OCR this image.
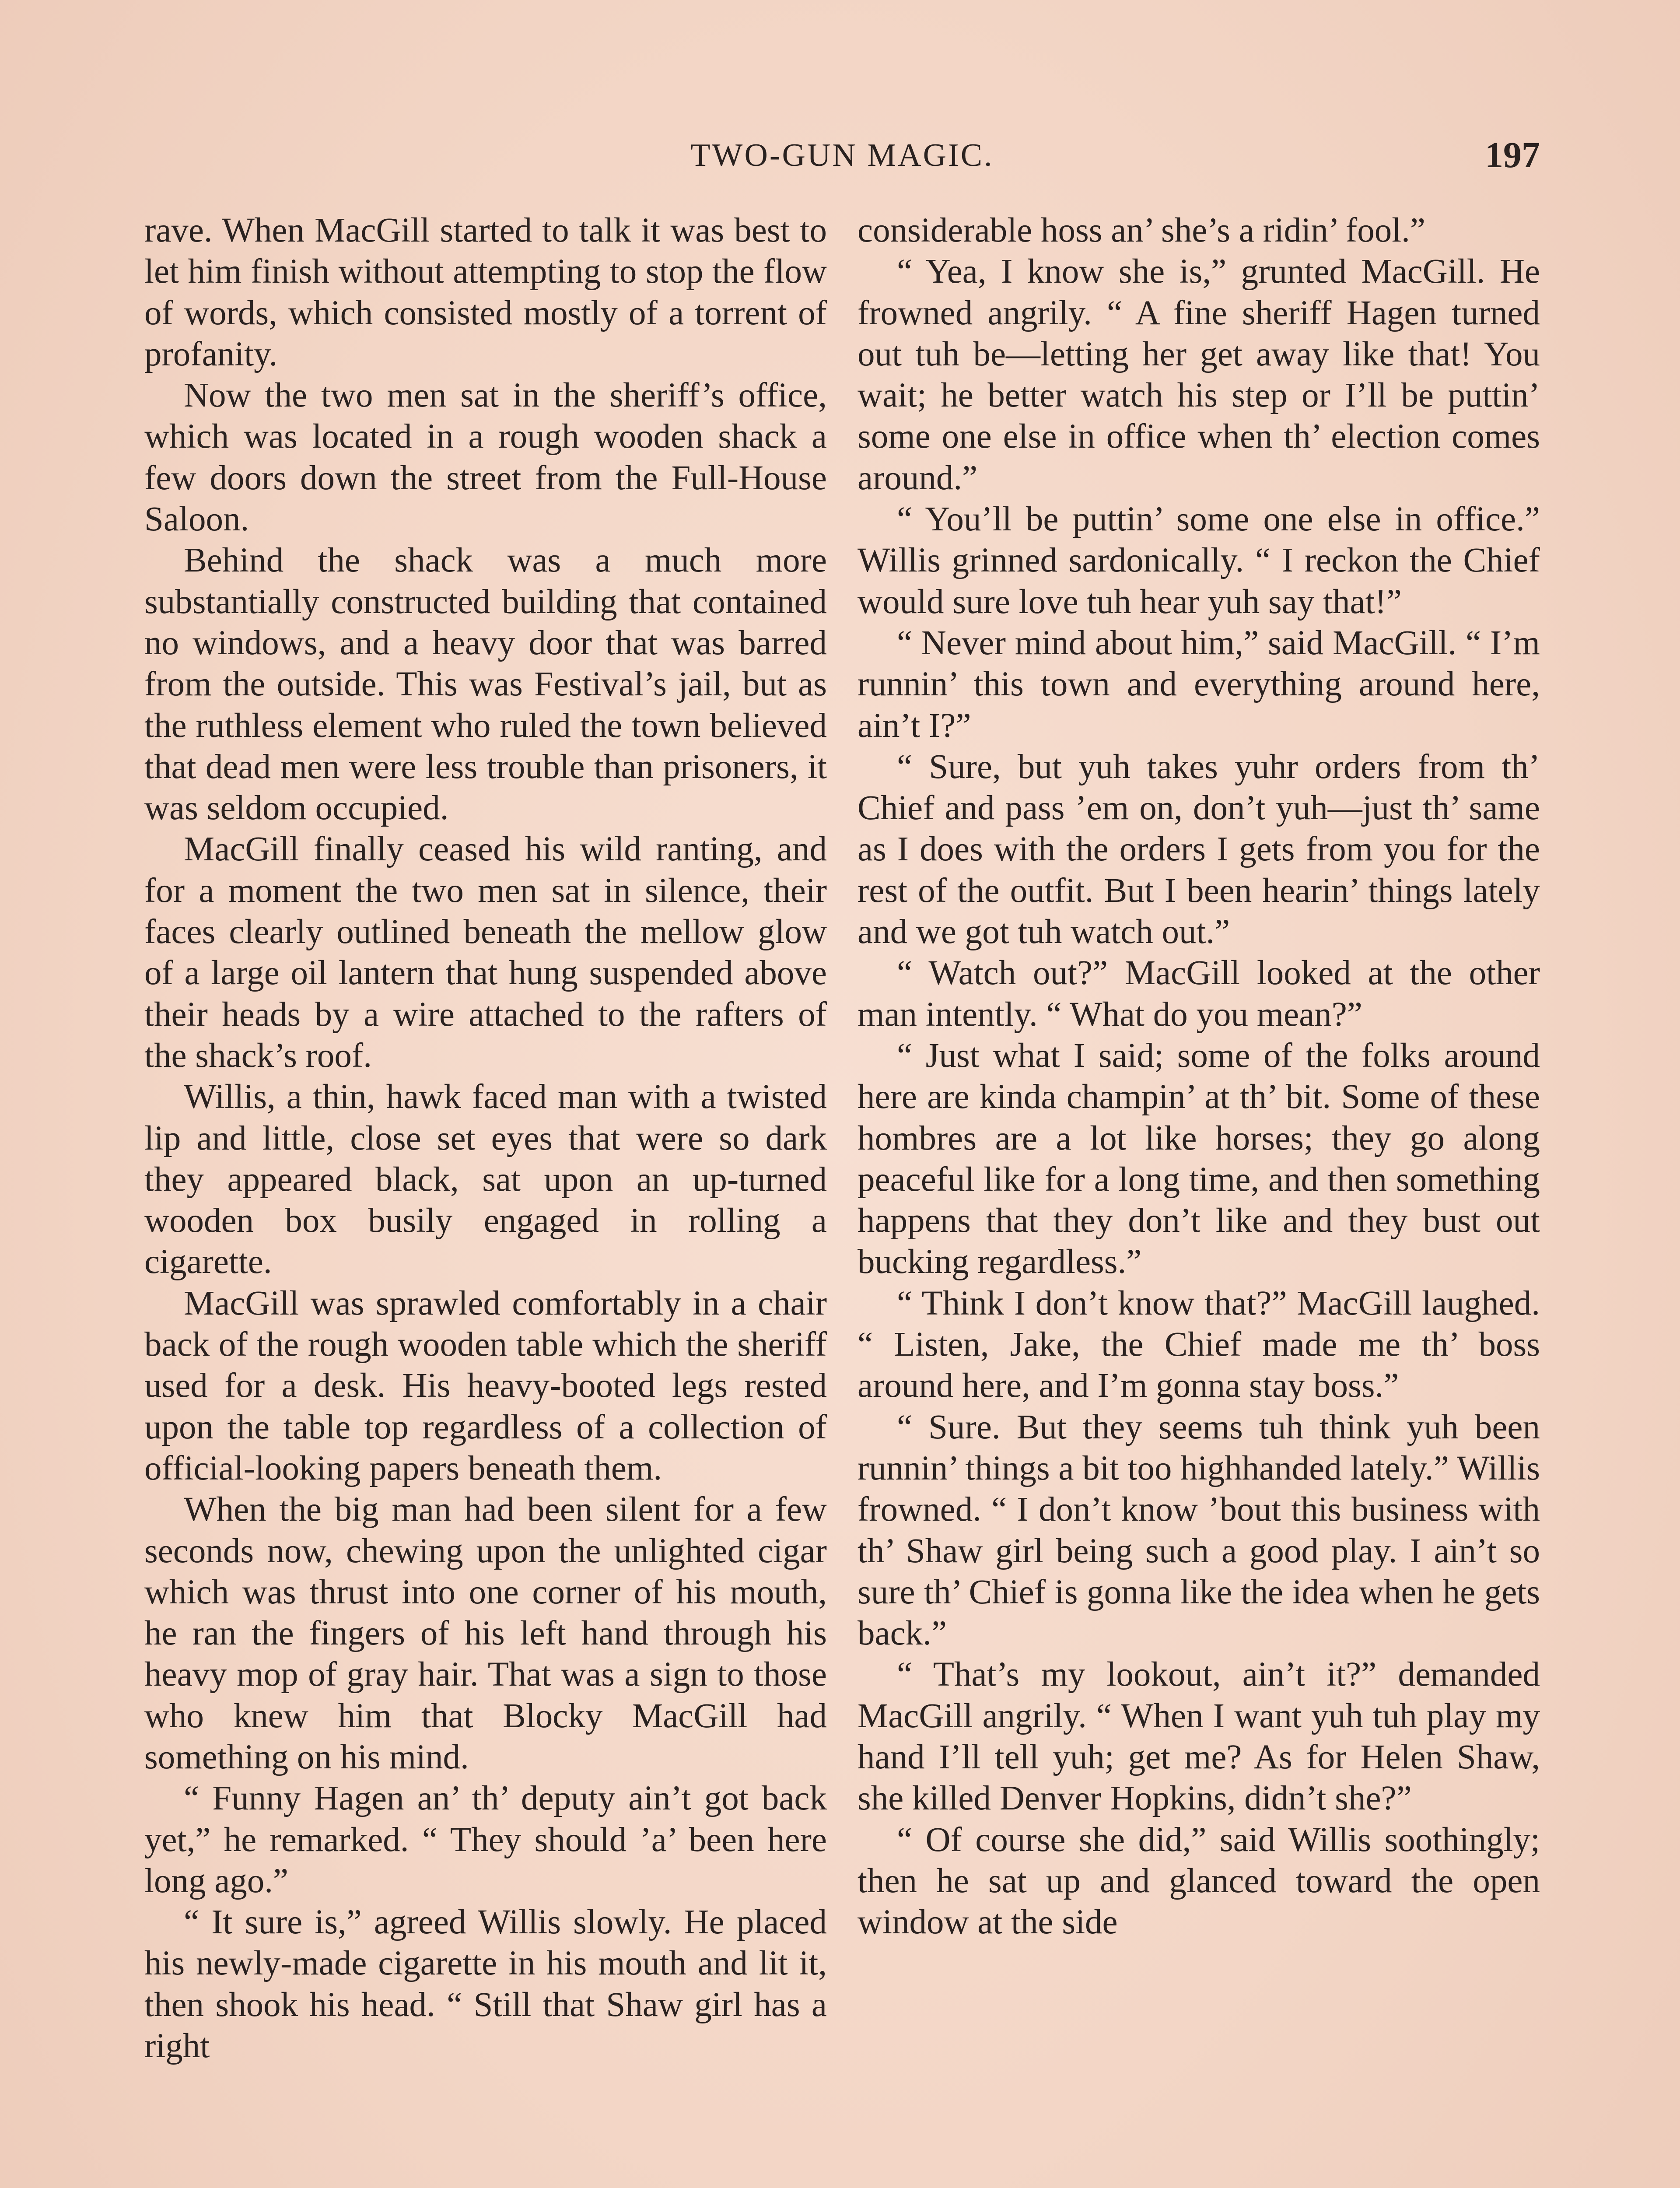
TWO-GUN MAGIC.	197

rave. When MacGill started to talk it was best to let him finish without attempting to stop the flow of words, which consisted mostly of a torrent of profanity.

Now the two men sat in the sheriff’s office, which was located in a rough wooden shack a few doors down the street from the Full-House Saloon.

Behind the shack was a much more substantially constructed building that contained no windows, and a heavy door that was barred from the outside. This was Festival’s jail, but as the ruthless element who ruled the town believed that dead men were less trouble than prisoners, it was seldom occupied.

MacGill finally ceased his wild ranting, and for a moment the two men sat in silence, their faces clearly outlined beneath the mellow glow of a large oil lantern that hung suspended above their heads by a wire attached to the rafters of the shack’s roof.

Willis, a thin, hawk faced man with a twisted lip and little, close set eyes that were so dark they appeared black, sat upon an up-turned wooden box busily engaged in rolling a cigarette.

MacGill was sprawled comfortably in a chair back of the rough wooden table which the sheriff used for a desk. His heavy-booted legs rested upon the table top regardless of a collection of official-looking papers beneath them.

When the big man had been silent for a few seconds now, chewing upon the unlighted cigar which was thrust into one corner of his mouth, he ran the fingers of his left hand through his heavy mop of gray hair. That was a sign to those who knew him that Blocky MacGill had something on his mind.

“ Funny Hagen an’ th’ deputy ain’t got back yet,” he remarked. “ They should ’a’ been here long ago.”

“ It sure is,” agreed Willis slowly. He placed his newly-made cigarette in his mouth and lit it, then shook his head. “ Still that Shaw girl has a right

considerable hoss an’ she’s a ridin’ fool.”

“ Yea, I know she is,” grunted MacGill. He frowned angrily. “ A fine sheriff Hagen turned out tuh be—letting her get away like that! You wait; he better watch his step or I’ll be puttin’ some one else in office when th’ election comes around.”

“ You’ll be puttin’ some one else in office.” Willis grinned sardonically. “ I reckon the Chief would sure love tuh hear yuh say that!”

“ Never mind about him,” said MacGill. “ I’m runnin’ this town and everything around here, ain’t I?”

“ Sure, but yuh takes yuhr orders from th’ Chief and pass ’em on, don’t yuh—just th’ same as I does with the orders I gets from you for the rest of the outfit. But I been hearin’ things lately and we got tuh watch out.”

“ Watch out?” MacGill looked at the other man intently. “ What do you mean?”

“ Just what I said; some of the folks around here are kinda champin’ at th’ bit. Some of these hombres are a lot like horses; they go along peaceful like for a long time, and then something happens that they don’t like and they bust out bucking regardless.”

“ Think I don’t know that?” MacGill laughed. “ Listen, Jake, the Chief made me th’ boss around here, and I’m gonna stay boss.”

“ Sure. But they seems tuh think yuh been runnin’ things a bit too highhanded lately.” Willis frowned. “ I don’t know ’bout this business with th’ Shaw girl being such a good play. I ain’t so sure th’ Chief is gonna like the idea when he gets back.”

“ That’s my lookout, ain’t it?” demanded MacGill angrily. “ When I want yuh tuh play my hand I’ll tell yuh; get me? As for Helen Shaw, she killed Denver Hopkins, didn’t she?”

“ Of course she did,” said Willis soothingly; then he sat up and glanced toward the open window at the side
